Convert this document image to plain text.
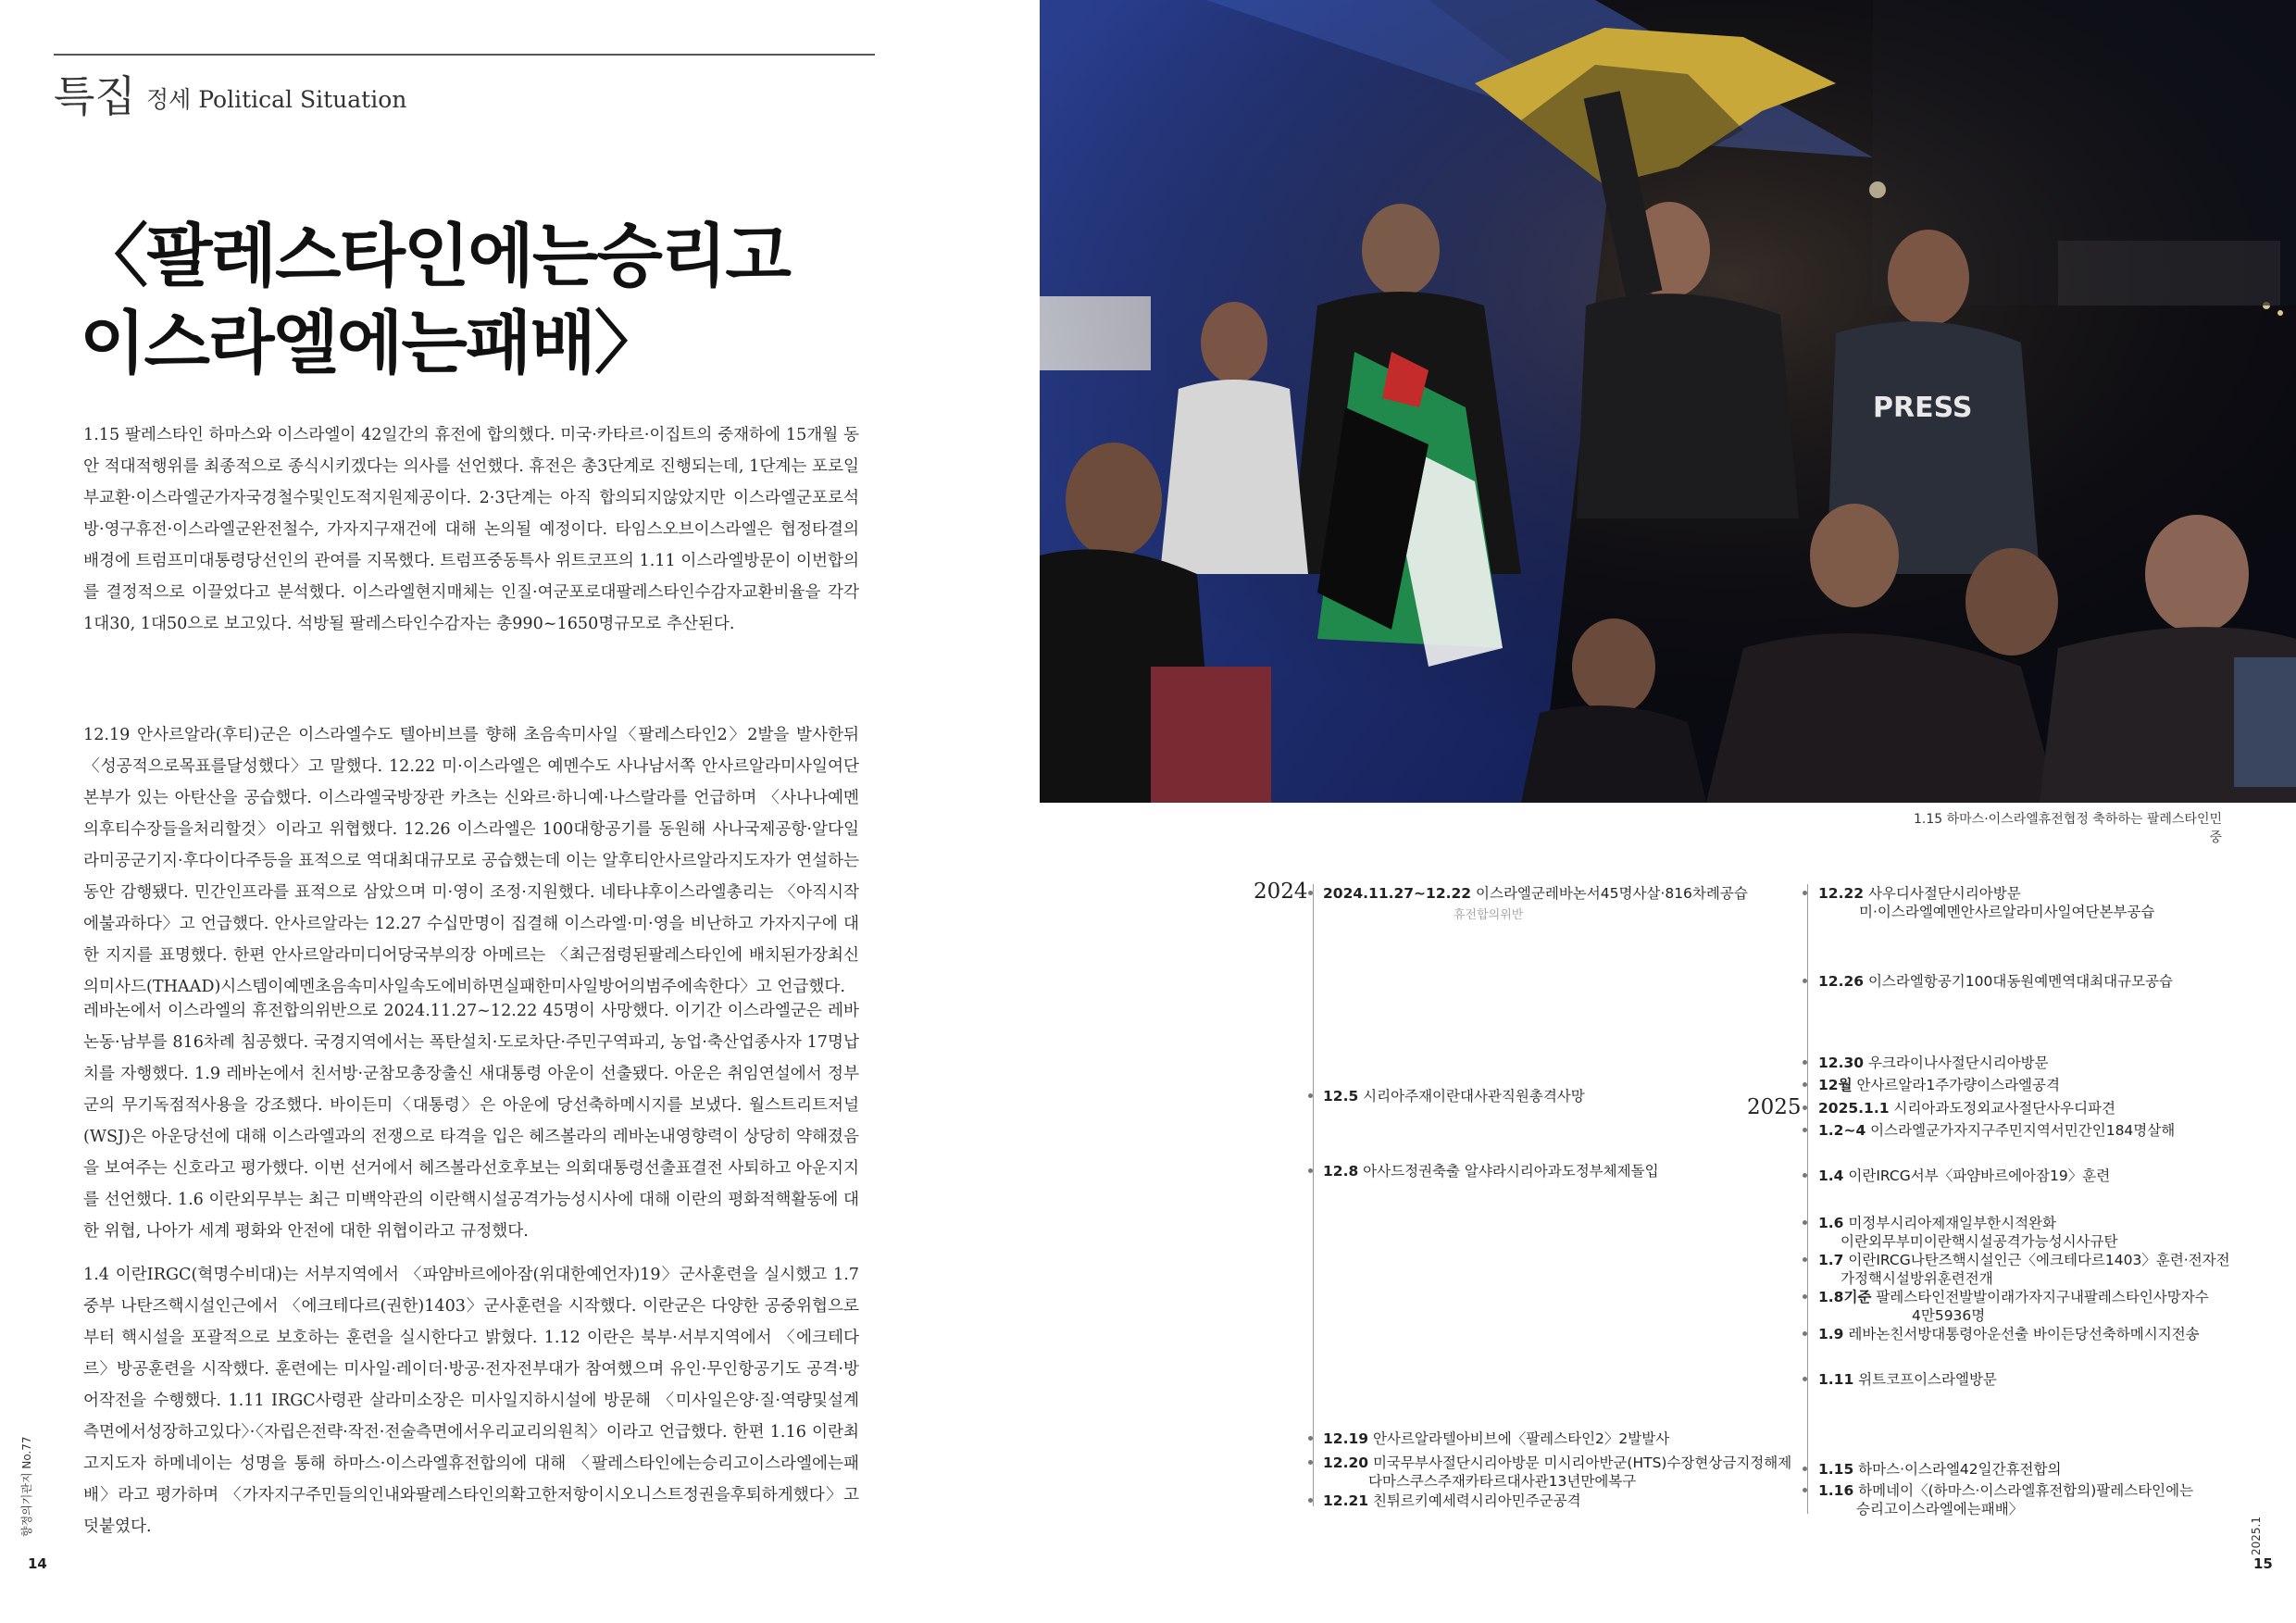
특집 정세 Political Situation
〈팔레스타인에는승리고
이스라엘에는패배〉
1.15 팔레스타인 하마스와 이스라엘이 42일간의 휴전에 합의했다. 미국·카타르·이집트의 중재하에 15개월 동안 적대적행위를 최종적으로 종식시키겠다는 의사를 선언했다. 휴전은 총3단계로 진행되는데, 1단계는 포로일부교환·이스라엘군가자국경철수및인도적지원제공이다. 2·3단계는 아직 합의되지않았지만 이스라엘군포로석방·영구휴전·이스라엘군완전철수, 가자지구재건에 대해 논의될 예정이다. 타임스오브이스라엘은 협정타결의 배경에 트럼프미대통령당선인의 관여를 지목했다. 트럼프중동특사 위트코프의 1.11 이스라엘방문이 이번합의를 결정적으로 이끌었다고 분석했다. 이스라엘현지매체는 인질·여군포로대팔레스타인수감자교환비율을 각각 1대30, 1대50으로 보고있다. 석방될 팔레스타인수감자는 총990~1650명규모로 추산된다.
12.19 안사르알라(후티)군은 이스라엘수도 텔아비브를 향해 초음속미사일〈팔레스타인2〉2발을 발사한뒤 〈성공적으로목표를달성했다〉고 말했다. 12.22 미·이스라엘은 예멘수도 사나남서쪽 안사르알라미사일여단본부가 있는 아탄산을 공습했다. 이스라엘국방장관 카츠는 신와르·하니예·나스랄라를 언급하며 〈사나나예멘의후티수장들을처리할것〉이라고 위협했다. 12.26 이스라엘은 100대항공기를 동원해 사나국제공항·알다일라미공군기지·후다이다주등을 표적으로 역대최대규모로 공습했는데 이는 알후티안사르알라지도자가 연설하는 동안 감행됐다. 민간인프라를 표적으로 삼았으며 미·영이 조정·지원했다. 네타냐후이스라엘총리는 〈아직시작에불과하다〉고 언급했다. 안사르알라는 12.27 수십만명이 집결해 이스라엘·미·영을 비난하고 가자지구에 대한 지지를 표명했다. 한편 안사르알라미디어당국부의장 아메르는 〈최근점령된팔레스타인에 배치된가장최신의미사드(THAAD)시스템이예멘초음속미사일속도에비하면실패한미사일방어의범주에속한다〉고 언급했다.
레바논에서 이스라엘의 휴전합의위반으로 2024.11.27~12.22 45명이 사망했다. 이기간 이스라엘군은 레바논동·남부를 816차례 침공했다. 국경지역에서는 폭탄설치·도로차단·주민구역파괴, 농업·축산업종사자 17명납치를 자행했다. 1.9 레바논에서 친서방·군참모총장출신 새대통령 아운이 선출됐다. 아운은 취임연설에서 정부군의 무기독점적사용을 강조했다. 바이든미〈대통령〉은 아운에 당선축하메시지를 보냈다. 월스트리트저널(WSJ)은 아운당선에 대해 이스라엘과의 전쟁으로 타격을 입은 헤즈볼라의 레바논내영향력이 상당히 약해졌음을 보여주는 신호라고 평가했다. 이번 선거에서 헤즈볼라선호후보는 의회대통령선출표결전 사퇴하고 아운지지를 선언했다. 1.6 이란외무부는 최근 미백악관의 이란핵시설공격가능성시사에 대해 이란의 평화적핵활동에 대한 위협, 나아가 세계 평화와 안전에 대한 위협이라고 규정했다.
1.4 이란IRGC(혁명수비대)는 서부지역에서 〈파얌바르에아잠(위대한예언자)19〉군사훈련을 실시했고 1.7 중부 나탄즈핵시설인근에서 〈에크테다르(권한)1403〉군사훈련을 시작했다. 이란군은 다양한 공중위협으로부터 핵시설을 포괄적으로 보호하는 훈련을 실시한다고 밝혔다. 1.12 이란은 북부·서부지역에서 〈에크테다르〉방공훈련을 시작했다. 훈련에는 미사일·레이더·방공·전자전부대가 참여했으며 유인·무인항공기도 공격·방어작전을 수행했다. 1.11 IRGC사령관 살라미소장은 미사일지하시설에 방문해 〈미사일은양·질·역량및설계측면에서성장하고있다〉·〈자립은전략·작전·전술측면에서우리교리의원칙〉이라고 언급했다. 한편 1.16 이란최고지도자 하메네이는 성명을 통해 하마스·이스라엘휴전합의에 대해 〈팔레스타인에는승리고이스라엘에는패배〉라고 평가하며 〈가자지구주민들의인내와팔레스타인의확고한저항이시오니스트정권을후퇴하게했다〉고 덧붙였다.
향정의기관지 No.77	2025.1
14	15
PRESS
1.15 하마스·이스라엘휴전협정 축하하는 팔레스타인민중
2024
2025
2024.11.27~12.22 이스라엘군레바논서45명사살·816차례공습
휴전합의위반
12.5 시리아주재이란대사관직원총격사망
12.8 아사드정권축출 알샤라시리아과도정부체제돌입
12.19 안사르알라텔아비브에〈팔레스타인2〉2발발사
12.20 미국무부사절단시리아방문 미시리아반군(HTS)수장현상금지정해제
다마스쿠스주재카타르대사관13년만에복구
12.21 친튀르키예세력시리아민주군공격
12.22 사우디사절단시리아방문
미·이스라엘예멘안사르알라미사일여단본부공습
12.26 이스라엘항공기100대동원예멘역대최대규모공습
12.30 우크라이나사절단시리아방문
12월 안사르알라1주가량이스라엘공격
2025.1.1 시리아과도정외교사절단사우디파견
1.2~4 이스라엘군가자지구주민지역서민간인184명살해
1.4 이란IRCG서부〈파얌바르에아잠19〉훈련
1.6 미정부시리아제재일부한시적완화
이란외무부미이란핵시설공격가능성시사규탄
1.7 이란IRCG나탄즈핵시설인근〈에크테다르1403〉훈련·전자전
가정핵시설방위훈련전개
1.8기준 팔레스타인전발발이래가자지구내팔레스타인사망자수
4만5936명
1.9 레바논친서방대통령아운선출 바이든당선축하메시지전송
1.11 위트코프이스라엘방문
1.15 하마스·이스라엘42일간휴전합의
1.16 하메네이〈(하마스·이스라엘휴전합의)팔레스타인에는
승리고이스라엘에는패배〉
